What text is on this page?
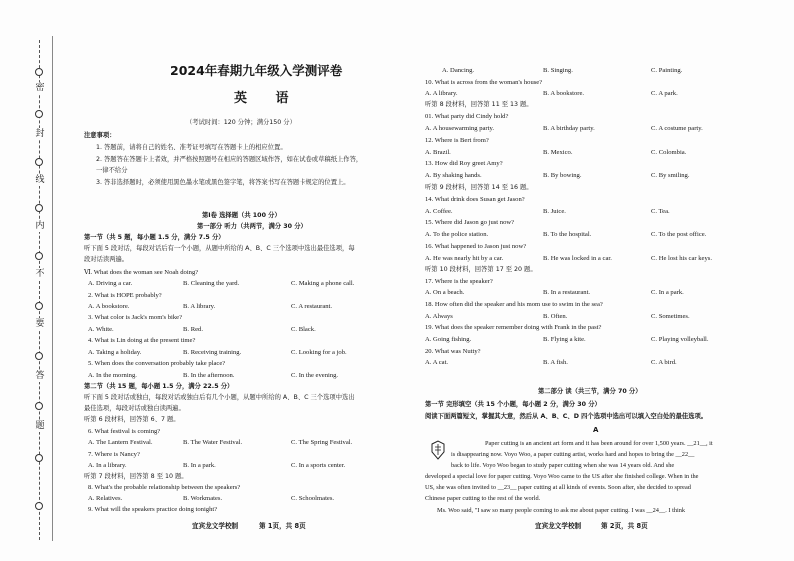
密
封
线
内
不
要
答
题
2024年春期九年级入学测评卷
英 语
（考试时间：120 分钟；满分150 分）
注意事项：
1. 答题前，请将自己的姓名、准考证号填写在答题卡上的相应位置。
2. 答题答在答题卡上者效，并严格按照题号在相应的答题区域作答，如在试卷或草稿纸上作答，
一律不给分
3. 答非选择题时，必须使用黑色墨水笔或黑色签字笔，将答案书写在答题卡规定的位置上。
第Ⅰ卷 选择题（共 100 分）
第一部分 听力（共两节，满分 30 分）
第一节（共 5 题，每小题 1.5 分，满分 7.5 分）
听下面 5 段对话，每段对话后有一个小题，从题中所给的 A、B、C 三个选项中选出最佳选项，每
段对话读两遍。
Ⅵ. What does the woman see Noah doing?
A. Driving a car.	B. Cleaning the yard.	C. Making a phone call.
2. What is HOPE probably?
A. A bookstore.	B. A library.	C. A restaurant.
3. What color is Jack's mom's bike?
A. White.	B. Red.	C. Black.
4. What is Lin doing at the present time?
A. Taking a holiday.	B. Receiving training.	C. Looking for a job.
5. When does the conversation probably take place?
A. In the morning.	B. In the afternoon.	C. In the evening.
第二节（共 15 题，每小题 1.5 分，满分 22.5 分）
听下面 5 段对话或独白，每段对话或独白后有几个小题，从题中所给的 A、B、C 三个选项中选出
最佳选项，每段对话或独白读两遍。
听第 6 段材料，回答第 6、7 题。
6. What festival is coming?
A. The Lantern Festival.	B. The Water Festival.	C. The Spring Festival.
7. Where is Nancy?
A. In a library.	B. In a park.	C. In a sports center.
听第 7 段材料，回答第 8 至 10 题。
8. What's the probable relationship between the speakers?
A. Relatives.	B. Workmates.	C. Schoolmates.
9. What will the speakers practice doing tonight?
宜宾龙文学校制	第 1页，共 8页
A. Dancing.	B. Singing.	C. Painting.
10. What is across from the woman's house?
A. A library.	B. A bookstore.	C. A park.
听第 8 段材料，回答第 11 至 13 题。
01. What party did Cindy hold?
A. A housewarming party.	B. A birthday party.	C. A costume party.
12. Where is Bert from?
A. Brazil.	B. Mexico.	C. Colombia.
13. How did Roy greet Amy?
A. By shaking hands.	B. By bowing.	C. By smiling.
听第 9 段材料，回答第 14 至 16 题。
14. What drink does Susan get Jason?
A. Coffee.	B. Juice.	C. Tea.
15. Where did Jason go just now?
A. To the police station.	B. To the hospital.	C. To the post office.
16. What happened to Jason just now?
A. He was nearly hit by a car.	B. He was locked in a car.	C. He lost his car keys.
听第 10 段材料，回答第 17 至 20 题。
17. Where is the speaker?
A. On a beach.	B. In a restaurant.	C. In a park.
18. How often did the speaker and his mom use to swim in the sea?
A. Always	B. Often.	C. Sometimes.
19. What does the speaker remember doing with Frank in the past?
A. Going fishing.	B. Flying a kite.	C. Playing volleyball.
20. What was Nutty?
A. A cat.	B. A fish.	C. A bird.
第二部分 读（共三节，满分 70 分）
第一节 完形填空（共 15 个小题，每小题 2 分，满分 30 分）
阅读下面两篇短文，掌握其大意，然后从 A、B、C、D 四个选项中选出可以填入空白处的最佳选项。
A
Paper cutting is an ancient art form and it has been around for over 1,500 years. __21__, it
is disappearing now. Voyo Woo, a paper cutting artist, works hard and hopes to bring the __22__
back to life. Voyo Woo began to study paper cutting when she was 14 years old. And she
developed a special love for paper cutting. Voyo Woo came to the US after she finished college. When in the
US, she was often invited to __23__ paper cutting at all kinds of events. Soon after, she decided to spread
Chinese paper cutting to the rest of the world.
Ms. Woo said, "I saw so many people coming to ask me about paper cutting. I was __24__. I think
宜宾龙文学校制	第 2页，共 8页
